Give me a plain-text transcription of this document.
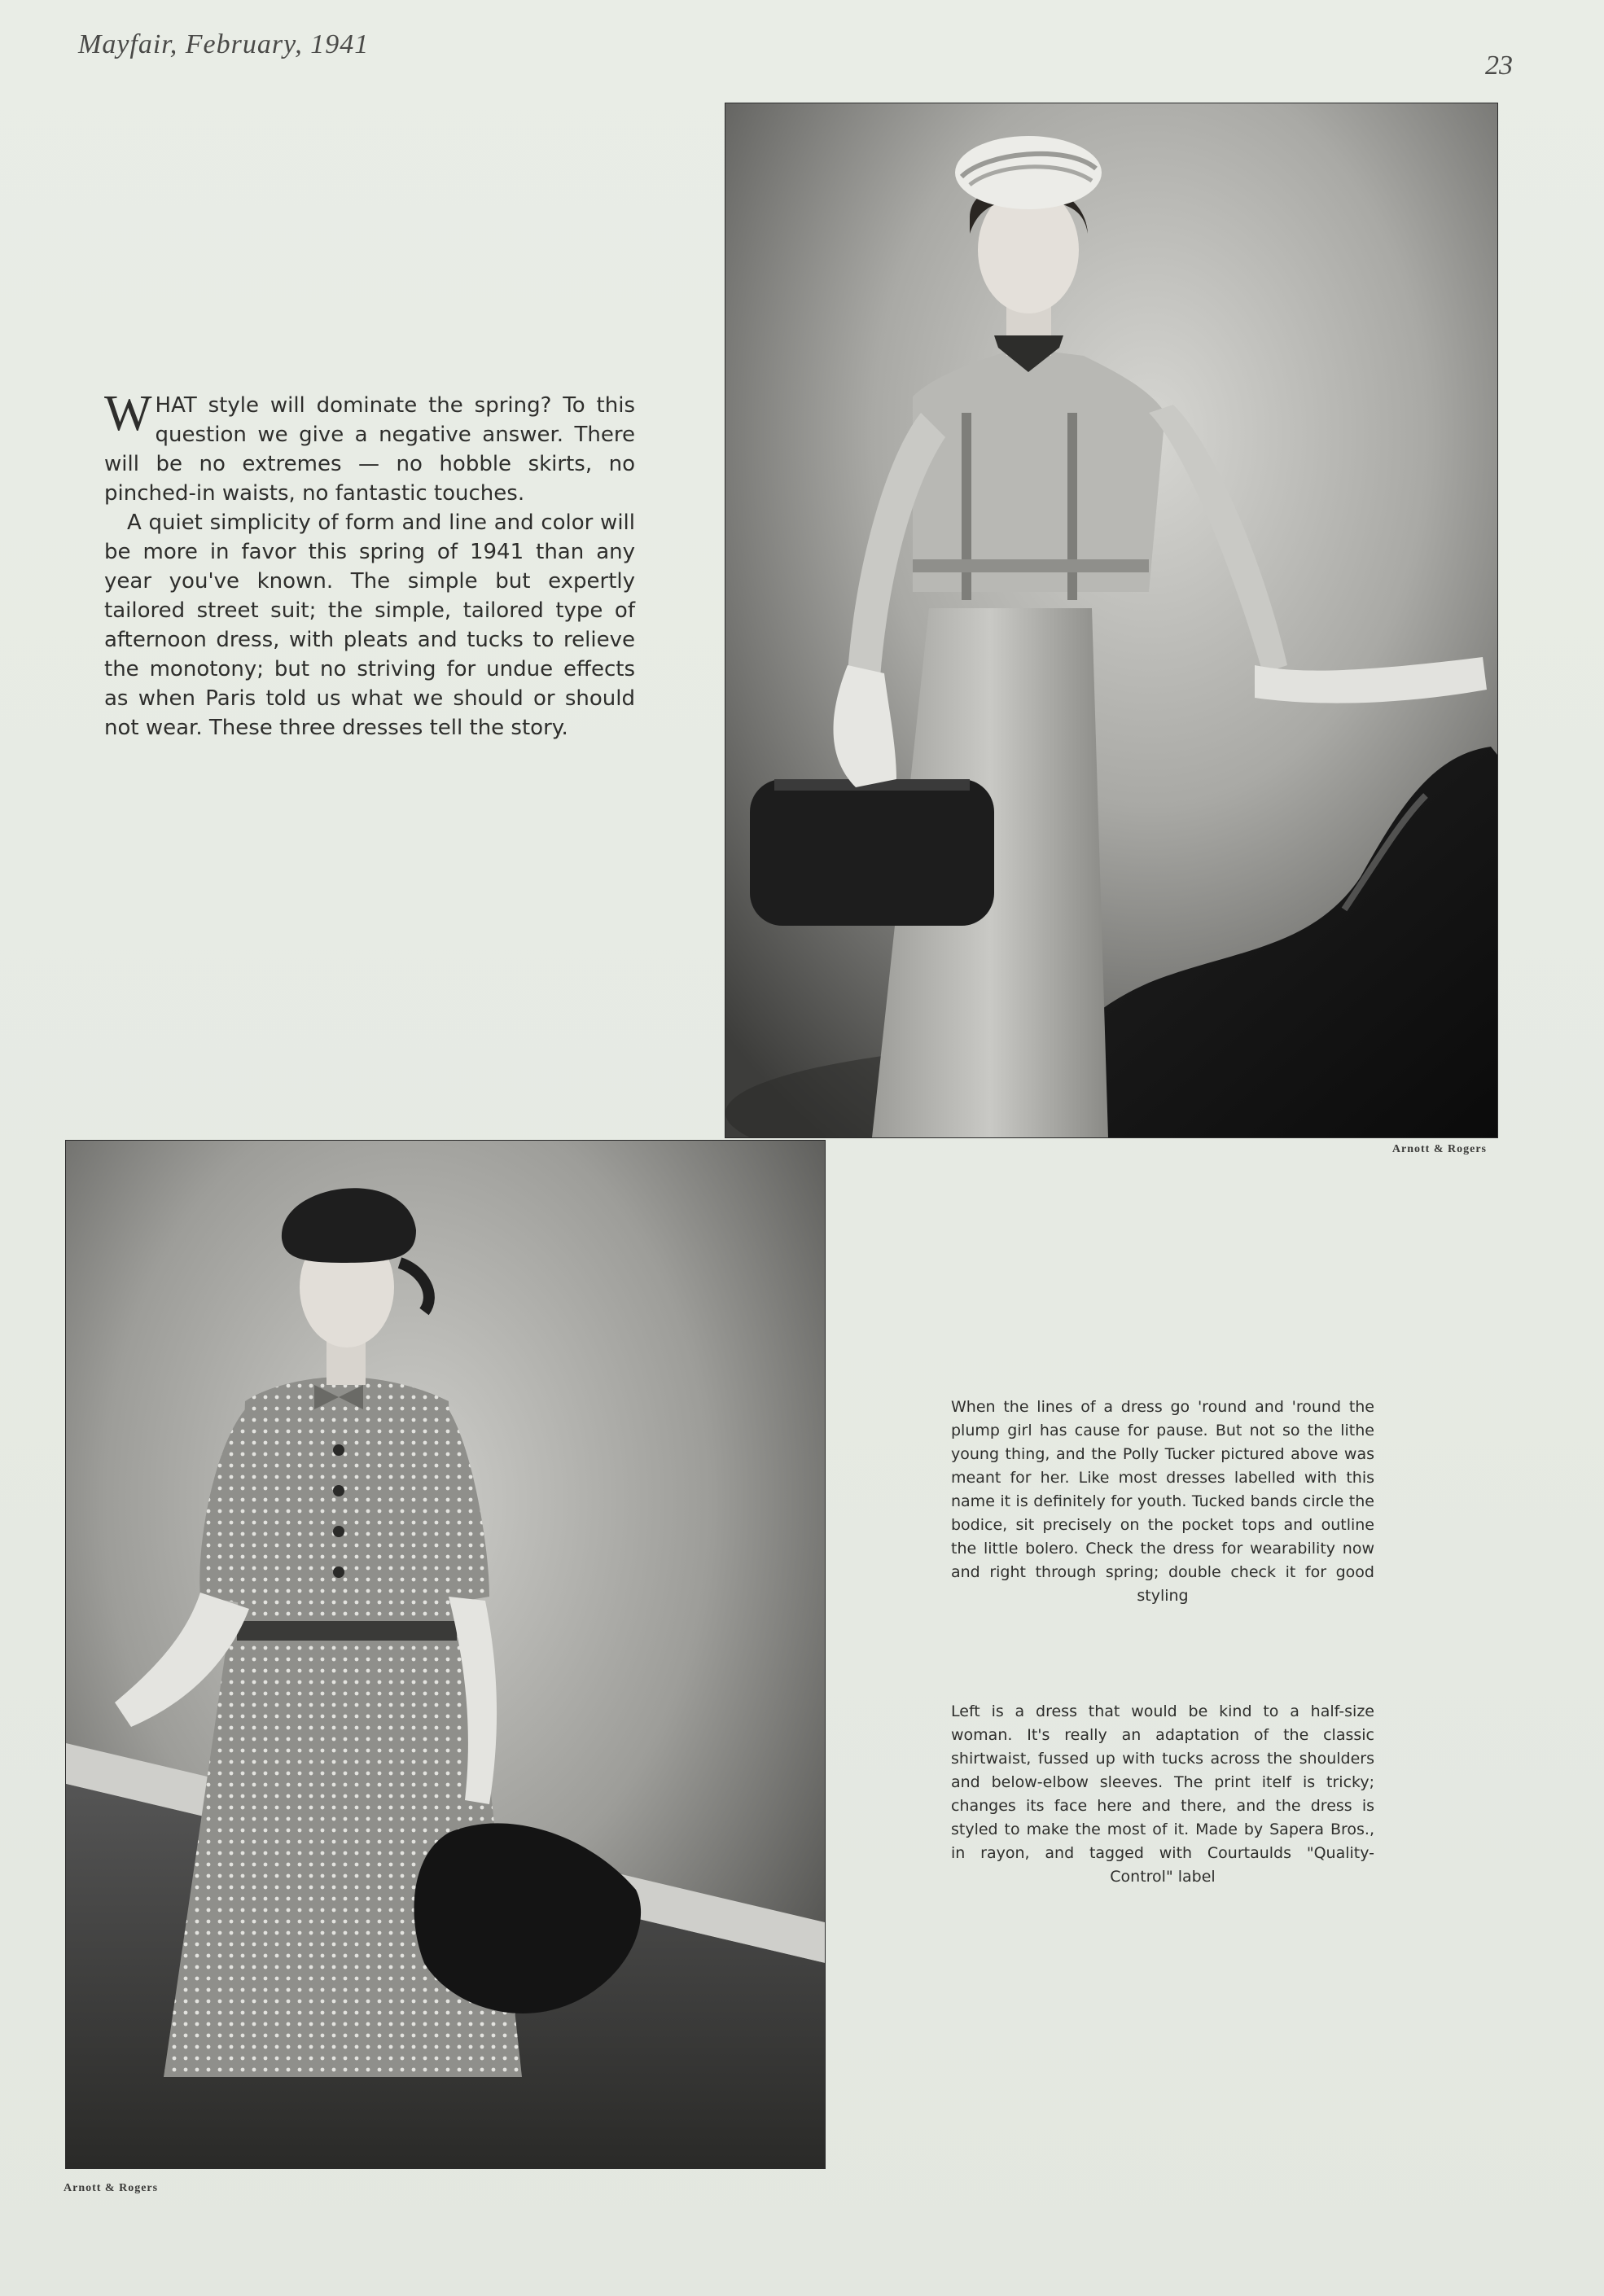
Mayfair, February, 1941
23

WHAT style will dominate the spring? To this question we give a negative answer. There will be no extremes — no hobble skirts, no pinched-in waists, no fantastic touches.

A quiet simplicity of form and line and color will be more in favor this spring of 1941 than any year you've known. The simple but expertly tailored street suit; the simple, tailored type of afternoon dress, with pleats and tucks to relieve the monotony; but no striving for undue effects as when Paris told us what we should or should not wear. These three dresses tell the story.

Arnott & Rogers
Arnott & Rogers
When the lines of a dress go 'round and 'round the plump girl has cause for pause. But not so the lithe young thing, and the Polly Tucker pictured above was meant for her. Like most dresses labelled with this name it is definitely for youth. Tucked bands circle the bodice, sit precisely on the pocket tops and outline the little bolero. Check the dress for wearability now and right through spring; double check it for good styling
Left is a dress that would be kind to a half-size woman. It's really an adaptation of the classic shirtwaist, fussed up with tucks across the shoulders and below-elbow sleeves. The print itelf is tricky; changes its face here and there, and the dress is styled to make the most of it. Made by Sapera Bros., in rayon, and tagged with Courtaulds "Quality-Control" label
